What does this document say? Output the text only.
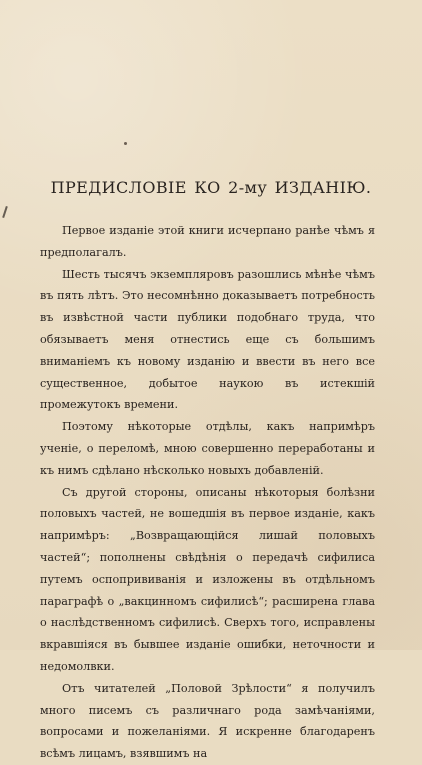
ПРЕДИСЛОВІЕ КО 2-му ИЗДАНІЮ.

Первое изданіе этой книги исчерпано ранѣе чѣмъ я предполагалъ.

Шесть тысячъ экземпляровъ разошлись мѣнѣе чѣмъ въ пять лѣтъ. Это несомнѣнно доказываетъ потребность въ извѣстной части публики подобнаго труда, что обязываетъ меня отнестись еще съ большимъ вниманіемъ къ новому изданію и ввести въ него все существенное, добытое наукою въ истекшій промежутокъ времени.

Поэтому нѣкоторые отдѣлы, какъ напримѣръ ученіе, о переломѣ, мною совершенно переработаны и къ нимъ сдѣлано нѣсколько новыхъ добавленій.

Съ другой стороны, описаны нѣкоторыя болѣзни половыхъ частей, не вошедшія въ первое изданіе, какъ напримѣръ: „Возвращающійся лишай половыхъ частей“; пополнены свѣдѣнія о передачѣ сифилиса путемъ оспопрививанія и изложены въ отдѣльномъ параграфѣ о „вакцинномъ сифилисѣ“; расширена глава о наслѣдственномъ сифилисѣ. Сверхъ того, исправлены вкравшіяся въ бывшее изданіе ошибки, неточности и недомолвки.

Отъ читателей „Половой Зрѣлости“ я получилъ много писемъ съ различнаго рода замѣчаніями, вопросами и пожеланіями. Я искренне благодаренъ всѣмъ лицамъ, взявшимъ на
